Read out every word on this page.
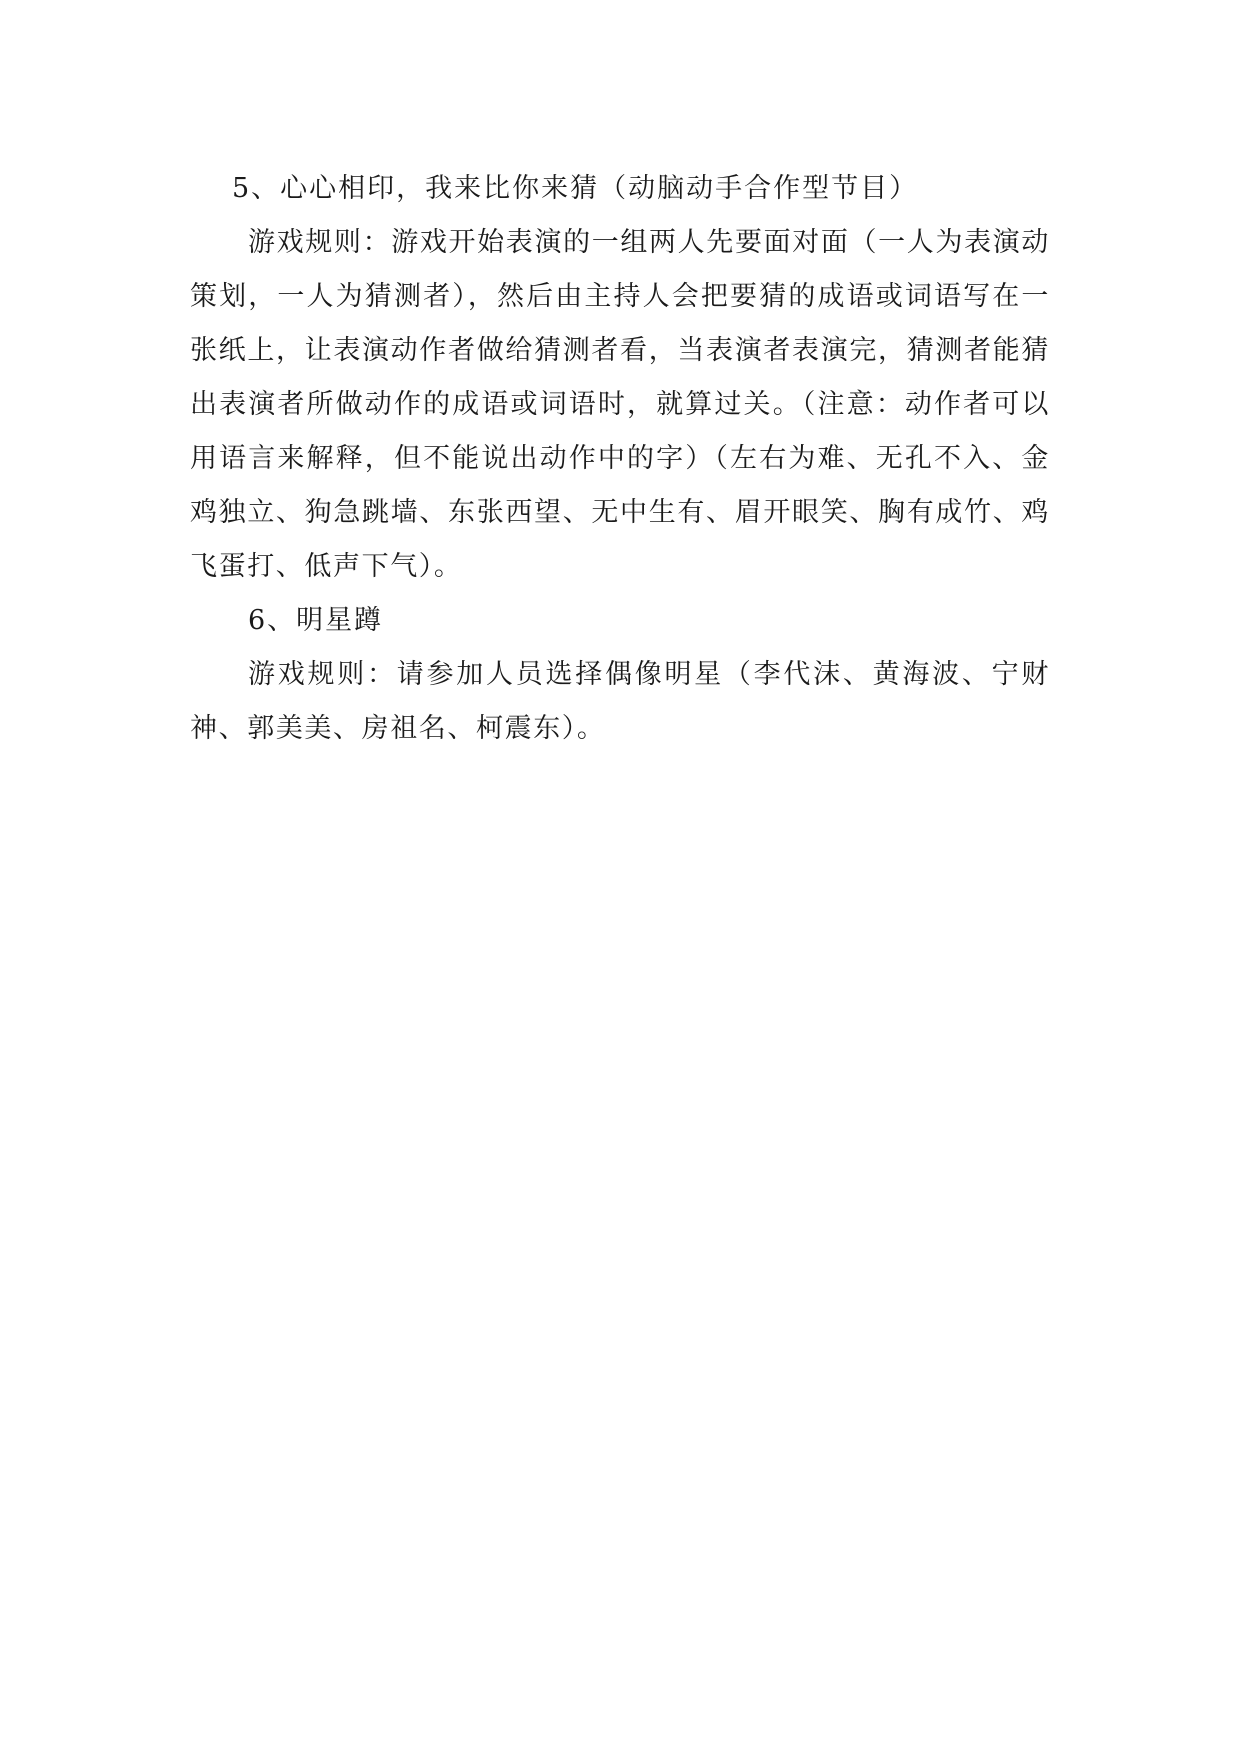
5、心心相印，我来比你来猜（动脑动手合作型节目）

游戏规则：游戏开始表演的一组两人先要面对面（一人为表演动策划，一人为猜测者），然后由主持人会把要猜的成语或词语写在一张纸上，让表演动作者做给猜测者看，当表演者表演完，猜测者能猜出表演者所做动作的成语或词语时，就算过关。（注意：动作者可以用语言来解释，但不能说出动作中的字）（左右为难、无孔不入、金鸡独立、狗急跳墙、东张西望、无中生有、眉开眼笑、胸有成竹、鸡飞蛋打、低声下气）。

6、明星蹲

游戏规则：请参加人员选择偶像明星（李代沫、黄海波、宁财神、郭美美、房祖名、柯震东）。
